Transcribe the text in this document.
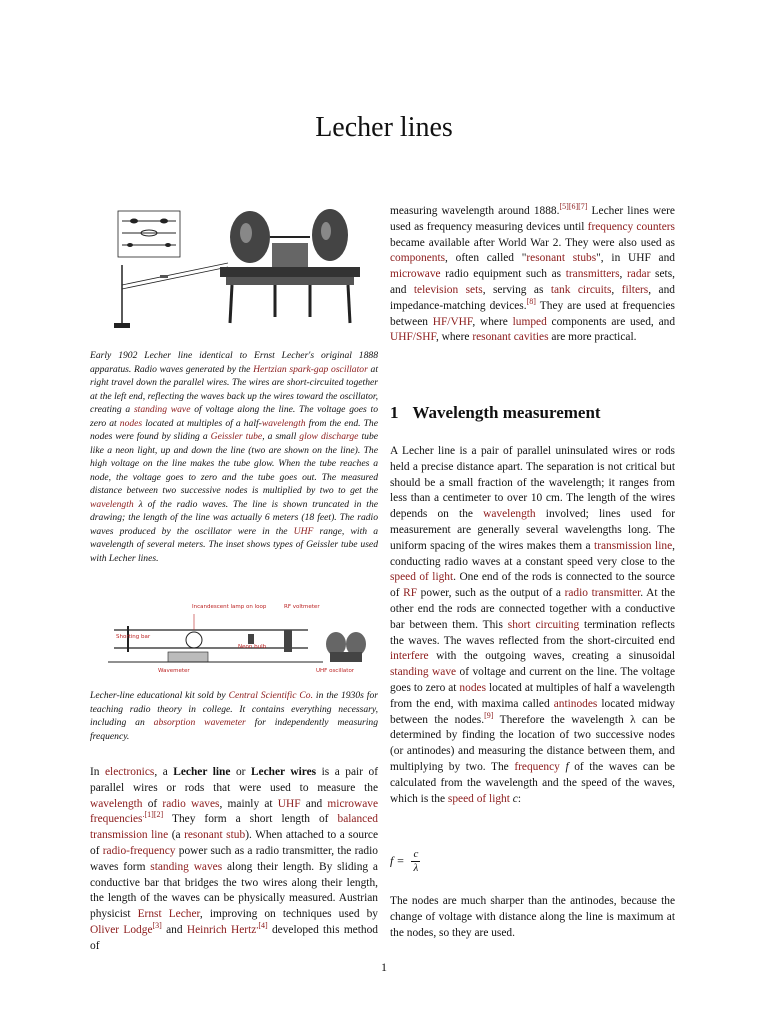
Lecher lines

Early 1902 Lecher line identical to Ernst Lecher's original 1888 apparatus. Radio waves generated by the Hertzian spark-gap oscillator at right travel down the parallel wires. The wires are short-circuited together at the left end, reflecting the waves back up the wires toward the oscillator, creating a standing wave of voltage along the line. The voltage goes to zero at nodes located at multiples of a half-wavelength from the end. The nodes were found by sliding a Geissler tube, a small glow discharge tube like a neon light, up and down the line (two are shown on the line). The high voltage on the line makes the tube glow. When the tube reaches a node, the voltage goes to zero and the tube goes out. The measured distance between two successive nodes is multiplied by two to get the wavelength λ of the radio waves. The line is shown truncated in the drawing; the length of the line was actually 6 meters (18 feet). The radio waves produced by the oscillator were in the UHF range, with a wavelength of several meters. The inset shows types of Geissler tube used with Lecher lines.

Incandescent lamp on loop	RF voltmeter
Shorting bar
Neon bulb
Wavemeter	UHF oscillator

Lecher-line educational kit sold by Central Scientific Co. in the 1930s for teaching radio theory in college. It contains everything necessary, including an absorption wavemeter for independently measuring frequency.

In electronics, a Lecher line or Lecher wires is a pair of parallel wires or rods that were used to measure the wavelength of radio waves, mainly at UHF and microwave frequencies$^{.[1][2]}$ They form a short length of balanced transmission line (a resonant stub). When attached to a source of radio-frequency power such as a radio transmitter, the radio waves form standing waves along their length. By sliding a conductive bar that bridges the two wires along their length, the length of the waves can be physically measured. Austrian physicist Ernst Lecher, improving on techniques used by Oliver Lodge[3] and Heinrich Hertz$^{,[4]}$ developed this method of

measuring wavelength around 1888.[5][6][7] Lecher lines were used as frequency measuring devices until frequency counters became available after World War 2. They were also used as components, often called "resonant stubs", in UHF and microwave radio equipment such as transmitters, radar sets, and television sets, serving as tank circuits, filters, and impedance-matching devices.[8] They are used at frequencies between HF/VHF, where lumped components are used, and UHF/SHF, where resonant cavities are more practical.

1 Wavelength measurement

A Lecher line is a pair of parallel uninsulated wires or rods held a precise distance apart. The separation is not critical but should be a small fraction of the wavelength; it ranges from less than a centimeter to over 10 cm. The length of the wires depends on the wavelength involved; lines used for measurement are generally several wavelengths long. The uniform spacing of the wires makes them a transmission line, conducting radio waves at a constant speed very close to the speed of light. One end of the rods is connected to the source of RF power, such as the output of a radio transmitter. At the other end the rods are connected together with a conductive bar between them. This short circuiting termination reflects the waves. The waves reflected from the short-circuited end interfere with the outgoing waves, creating a sinusoidal standing wave of voltage and current on the line. The voltage goes to zero at nodes located at multiples of half a wavelength from the end, with maxima called antinodes located midway between the nodes.[9] Therefore the wavelength λ can be determined by finding the location of two successive nodes (or antinodes) and measuring the distance between them, and multiplying by two. The frequency f of the waves can be calculated from the wavelength and the speed of the waves, which is the speed of light c:

$f = \frac{c}{\lambda}$

The nodes are much sharper than the antinodes, because the change of voltage with distance along the line is maximum at the nodes, so they are used.

1
